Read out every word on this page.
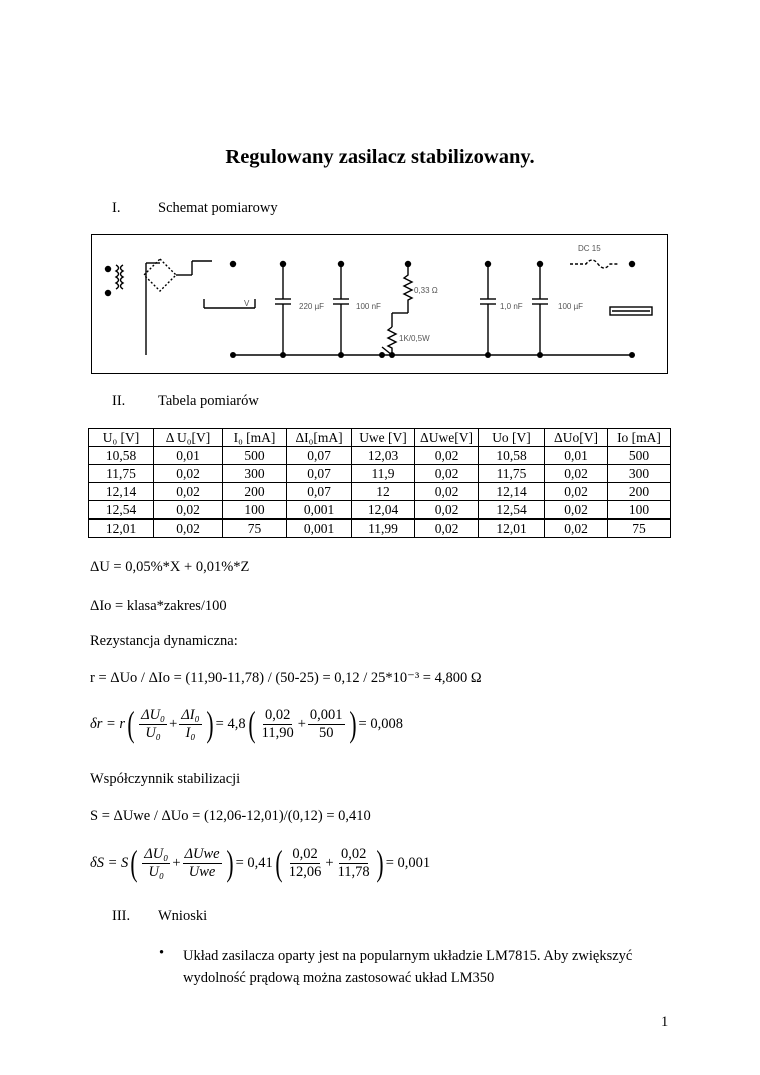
Regulowany zasilacz stabilizowany.
I.	Schemat pomiarowy
V	220 µF	100 nF
0,33 Ω
1K/0,5W
1,0 nF	100 µF
DC 15
II. Tabela pomiarów
U₀ [V]	Δ U₀[V]	I₀ [mA]	ΔI₀[mA]	Uwe [V]	ΔUwe[V]	Uo [V]	ΔUo[V]	Io [mA]
10,58	0,01	500	0,07	12,03	0,02	10,58	0,01	500
11,75	0,02	300	0,07	11,9	0,02	11,75	0,02	300
12,14	0,02	200	0,07	12	0,02	12,14	0,02	200
12,54	0,02	100	0,001	12,04	0,02	12,54	0,02	100
12,01	0,02	75	0,001	11,99	0,02	12,01	0,02	75
ΔU = 0,05%*X + 0,01%*Z
ΔIo = klasa*zakres/100
Rezystancja dynamiczna:
r = ΔUo / ΔIo = (11,90-11,78) / (50-25) = 0,12 / 25*10⁻³ = 4,800 Ω
δr = r ( $\frac{\text{ΔU₀}}{\text{U₀}} + \frac{\text{ΔI₀}}{\text{I₀}}$ ) = 4,8 ( $\frac{0,02}{11,90} + \frac{0,001}{50}$ ) = 0,008
Współczynnik stabilizacji
S = ΔUwe / ΔUo = (12,06-12,01)/(0,12) = 0,410
δS = S ( $\frac{\text{ΔU₀}}{\text{U₀}} + \frac{\text{ΔUwe}}{\text{Uwe}}$ ) = 0,41 ( $\frac{0,02}{12,06} + \frac{0,02}{11,78}$ ) = 0,001
III. Wnioski
• Układ zasilacza oparty jest na popularnym układzie LM7815. Aby zwiększyć wydolność prądową można zastosować układ LM350
1
